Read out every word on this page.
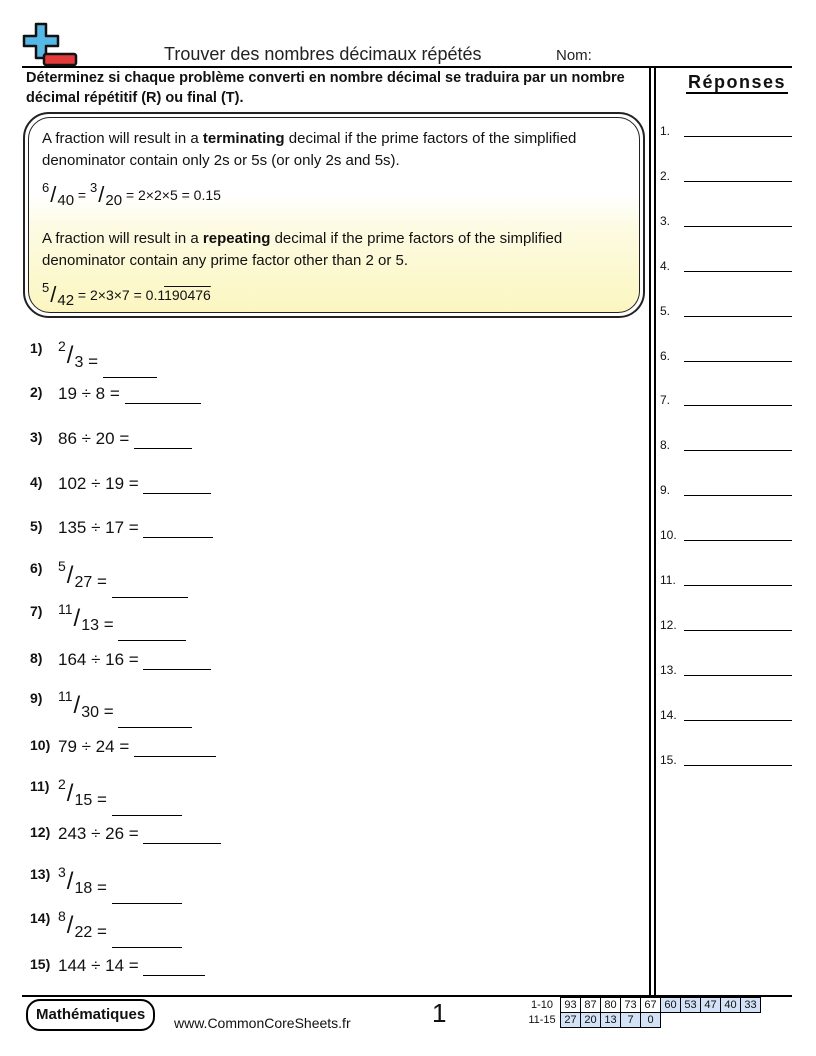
Trouver des nombres décimaux répétés	Nom:
Déterminez si chaque problème converti en nombre décimal se traduira par un nombre décimal répétitif (R) ou final (T).
Réponses
A fraction will result in a terminating decimal if the prime factors of the simplified denominator contain only 2s or 5s (or only 2s and 5s).
6/40 = 3/20 = 2×2×5 = 0.15
A fraction will result in a repeating decimal if the prime factors of the simplified denominator contain any prime factor other than 2 or 5.
5/42 = 2×3×7 = 0.1190476
1) $^2$/3 =
2) 19 ÷ 8 =
3) 86 ÷ 20 =
4) 102 ÷ 19 =
5) 135 ÷ 17 =
6) $^5$/27 =
7) $^{11}$/13 =
8) 164 ÷ 16 =
9) $^{11}$/30 =
10) 79 ÷ 24 =
11) $^2$/15 =
12) 243 ÷ 26 =
13) $^3$/18 =
14) $^8$/22 =
15) 144 ÷ 14 =
1.
2.
3.
4.
5.
6.
7.
8.
9.
10.
11.
12.
13.
14.
15.
Mathématiques	www.CommonCoreSheets.fr	1	1-10	93	87	80	73	67	60	53	47	40	33
11-15	27	20	13	7	0					
